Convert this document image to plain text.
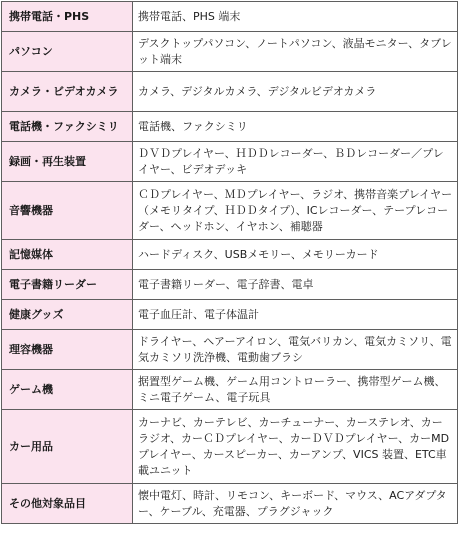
携帯電話・PHS	携帯電話、PHS 端末
パソコン	デスクトップパソコン、ノートパソコン、液晶モニター、タブレット端末
カメラ・ビデオカメラ	カメラ、デジタルカメラ、デジタルビデオカメラ
電話機・ファクシミリ	電話機、ファクシミリ
録画・再生装置	ＤＶＤプレイヤー、ＨＤＤレコーダー、ＢＤレコーダー／プレイヤー、ビデオデッキ
音響機器	ＣＤプレイヤー、ＭＤプレイヤー、ラジオ、携帯音楽プレイヤー（メモリタイプ、ＨＤＤタイプ）、ICレコーダー、テープレコーダー、ヘッドホン、イヤホン、補聴器
記憶媒体	ハードディスク、USBメモリー、メモリーカード
電子書籍リーダー	電子書籍リーダー、電子辞書、電卓
健康グッズ	電子血圧計、電子体温計
理容機器	ドライヤー、ヘアーアイロン、電気バリカン、電気カミソリ、電気カミソリ洗浄機、電動歯ブラシ
ゲーム機	据置型ゲーム機、ゲーム用コントローラー、携帯型ゲーム機、ミニ電子ゲーム、電子玩具
カー用品	カーナビ、カーテレビ、カーチューナー、カーステレオ、カーラジオ、カーＣＤプレイヤー、カーＤＶＤプレイヤー、カーMDプレイヤー、カースピーカー、カーアンプ、VICS 装置、ETC車載ユニット
その他対象品目	懐中電灯、時計、リモコン、キーボード、マウス、ACアダプター、ケーブル、充電器、プラグジャック
